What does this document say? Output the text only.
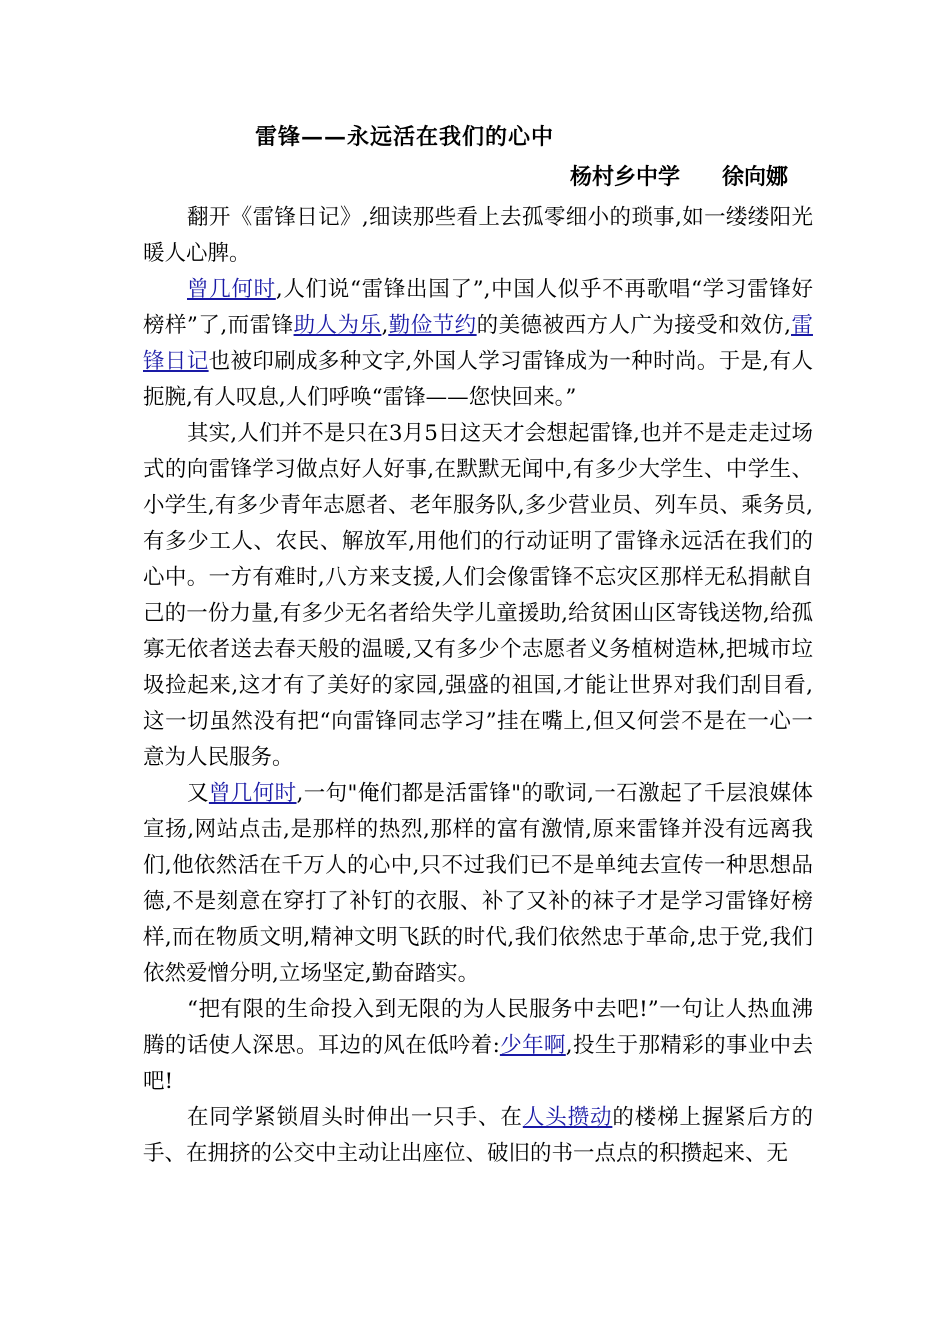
雷锋——永远活在我们的心中
杨村乡中学 徐向娜

翻开《雷锋日记》,细读那些看上去孤零细小的琐事,如一缕缕阳光暖人心脾。

曾几何时,人们说“雷锋出国了”,中国人似乎不再歌唱“学习雷锋好榜样”了,而雷锋助人为乐,勤俭节约的美德被西方人广为接受和效仿,雷锋日记也被印刷成多种文字,外国人学习雷锋成为一种时尚。于是,有人扼腕,有人叹息,人们呼唤“雷锋——您快回来。”

其实,人们并不是只在3月5日这天才会想起雷锋,也并不是走走过场式的向雷锋学习做点好人好事,在默默无闻中,有多少大学生、中学生、小学生,有多少青年志愿者、老年服务队,多少营业员、列车员、乘务员,有多少工人、农民、解放军,用他们的行动证明了雷锋永远活在我们的心中。一方有难时,八方来支援,人们会像雷锋不忘灾区那样无私捐献自己的一份力量,有多少无名者给失学儿童援助,给贫困山区寄钱送物,给孤寡无依者送去春天般的温暖,又有多少个志愿者义务植树造林,把城市垃圾捡起来,这才有了美好的家园,强盛的祖国,才能让世界对我们刮目看,这一切虽然没有把“向雷锋同志学习”挂在嘴上,但又何尝不是在一心一意为人民服务。

又曾几何时,一句"俺们都是活雷锋"的歌词,一石激起了千层浪媒体宣扬,网站点击,是那样的热烈,那样的富有激情,原来雷锋并没有远离我们,他依然活在千万人的心中,只不过我们已不是单纯去宣传一种思想品德,不是刻意在穿打了补钉的衣服、补了又补的袜子才是学习雷锋好榜样,而在物质文明,精神文明飞跃的时代,我们依然忠于革命,忠于党,我们依然爱憎分明,立场坚定,勤奋踏实。

“把有限的生命投入到无限的为人民服务中去吧!”一句让人热血沸腾的话使人深思。耳边的风在低吟着:少年啊,投生于那精彩的事业中去吧!

在同学紧锁眉头时伸出一只手、在人头攒动的楼梯上握紧后方的手、在拥挤的公交中主动让出座位、破旧的书一点点的积攒起来、无
